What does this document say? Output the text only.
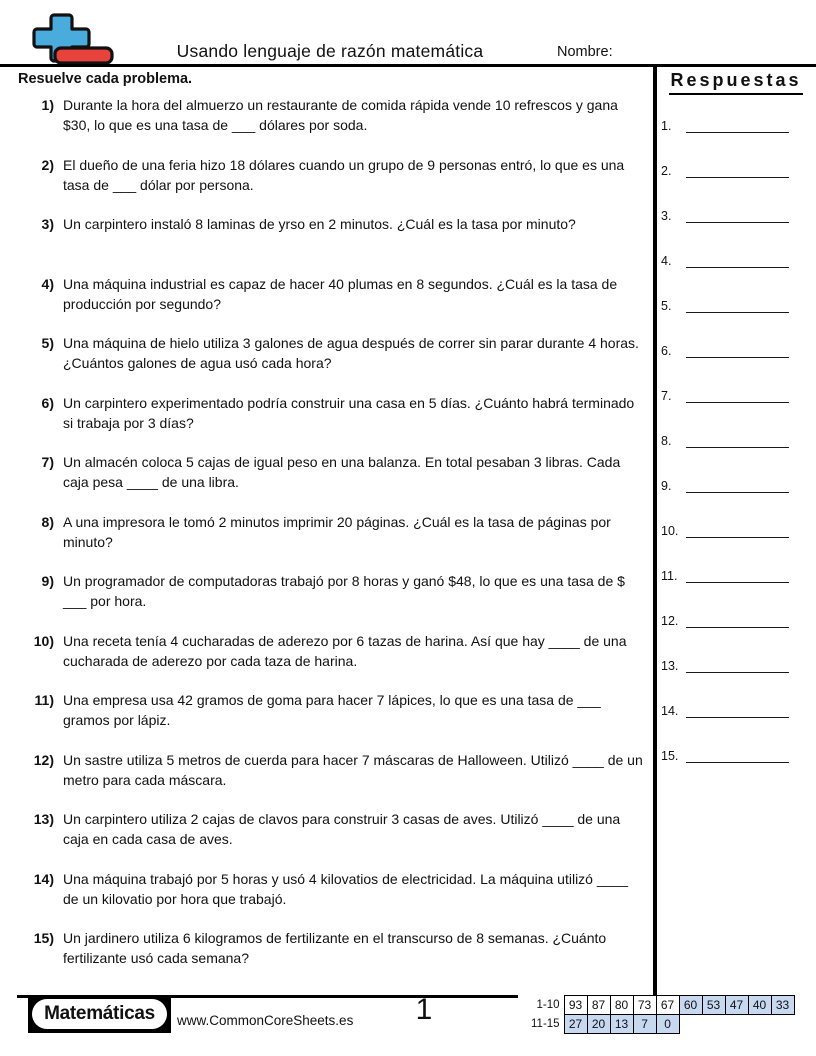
Usando lenguaje de razón matemática	Nombre:
Resuelve cada problema.
1) Durante la hora del almuerzo un restaurante de comida rápida vende 10 refrescos y gana $30, lo que es una tasa de ___ dólares por soda.
2) El dueño de una feria hizo 18 dólares cuando un grupo de 9 personas entró, lo que es una tasa de ___ dólar por persona.
3) Un carpintero instaló 8 laminas de yrso en 2 minutos. ¿Cuál es la tasa por minuto?
4) Una máquina industrial es capaz de hacer 40 plumas en 8 segundos. ¿Cuál es la tasa de producción por segundo?
5) Una máquina de hielo utiliza 3 galones de agua después de correr sin parar durante 4 horas. ¿Cuántos galones de agua usó cada hora?
6) Un carpintero experimentado podría construir una casa en 5 días. ¿Cuánto habrá terminado si trabaja por 3 días?
7) Un almacén coloca 5 cajas de igual peso en una balanza. En total pesaban 3 libras. Cada caja pesa ____ de una libra.
8) A una impresora le tomó 2 minutos imprimir 20 páginas. ¿Cuál es la tasa de páginas por minuto?
9) Un programador de computadoras trabajó por 8 horas y ganó $48, lo que es una tasa de $ ___ por hora.
10) Una receta tenía 4 cucharadas de aderezo por 6 tazas de harina. Así que hay ____ de una cucharada de aderezo por cada taza de harina.
11) Una empresa usa 42 gramos de goma para hacer 7 lápices, lo que es una tasa de ___ gramos por lápiz.
12) Un sastre utiliza 5 metros de cuerda para hacer 7 máscaras de Halloween. Utilizó ____ de un metro para cada máscara.
13) Un carpintero utiliza 2 cajas de clavos para construir 3 casas de aves. Utilizó ____ de una caja en cada casa de aves.
14) Una máquina trabajó por 5 horas y usó 4 kilovatios de electricidad. La máquina utilizó ____ de un kilovatio por hora que trabajó.
15) Un jardinero utiliza 6 kilogramos de fertilizante en el transcurso de 8 semanas. ¿Cuánto fertilizante usó cada semana?
Respuestas
1.
2.
3.
4.
5.
6.
7.
8.
9.
10.
11.
12.
13.
14.
15.
Matemáticas	www.CommonCoreSheets.es	1	1-10	93	87	80	73	67	60	53	47	40	33
11-15	27	20	13	7	0					
